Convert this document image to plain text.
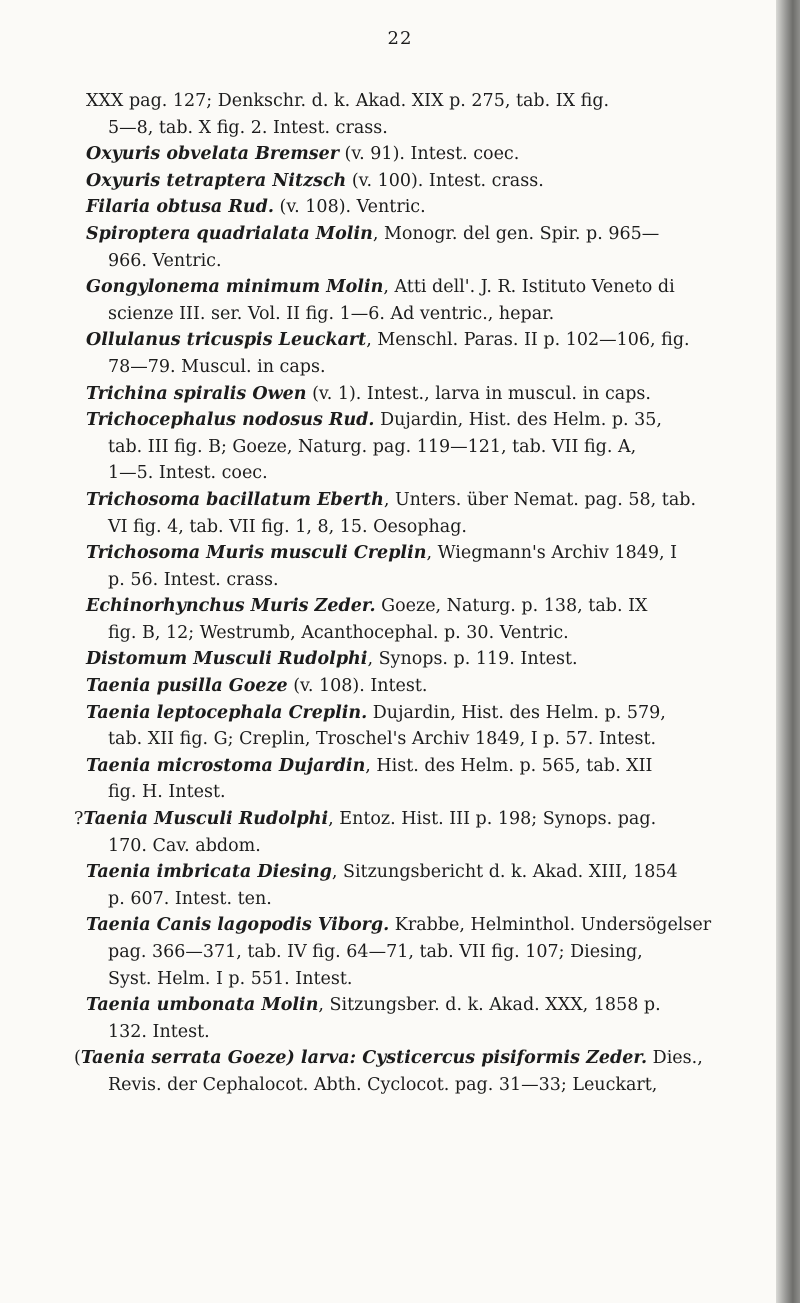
22
XXX pag. 127; Denkschr. d. k. Akad. XIX p. 275, tab. IX fig.
5—8, tab. X fig. 2. Intest. crass.
Oxyuris obvelata Bremser (v. 91). Intest. coec.
Oxyuris tetraptera Nitzsch (v. 100). Intest. crass.
Filaria obtusa Rud. (v. 108). Ventric.
Spiroptera quadrialata Molin, Monogr. del gen. Spir. p. 965—
966. Ventric.
Gongylonema minimum Molin, Atti dell'. J. R. Istituto Veneto di
scienze III. ser. Vol. II fig. 1—6. Ad ventric., hepar.
Ollulanus tricuspis Leuckart, Menschl. Paras. II p. 102—106, fig.
78—79. Muscul. in caps.
Trichina spiralis Owen (v. 1). Intest., larva in muscul. in caps.
Trichocephalus nodosus Rud. Dujardin, Hist. des Helm. p. 35,
tab. III fig. B; Goeze, Naturg. pag. 119—121, tab. VII fig. A,
1—5. Intest. coec.
Trichosoma bacillatum Eberth, Unters. über Nemat. pag. 58, tab.
VI fig. 4, tab. VII fig. 1, 8, 15. Oesophag.
Trichosoma Muris musculi Creplin, Wiegmann's Archiv 1849, I
p. 56. Intest. crass.
Echinorhynchus Muris Zeder. Goeze, Naturg. p. 138, tab. IX
fig. B, 12; Westrumb, Acanthocephal. p. 30. Ventric.
Distomum Musculi Rudolphi, Synops. p. 119. Intest.
Taenia pusilla Goeze (v. 108). Intest.
Taenia leptocephala Creplin. Dujardin, Hist. des Helm. p. 579,
tab. XII fig. G; Creplin, Troschel's Archiv 1849, I p. 57. Intest.
Taenia microstoma Dujardin, Hist. des Helm. p. 565, tab. XII
fig. H. Intest.
?Taenia Musculi Rudolphi, Entoz. Hist. III p. 198; Synops. pag.
170. Cav. abdom.
Taenia imbricata Diesing, Sitzungsbericht d. k. Akad. XIII, 1854
p. 607. Intest. ten.
Taenia Canis lagopodis Viborg. Krabbe, Helminthol. Undersögelser
pag. 366—371, tab. IV fig. 64—71, tab. VII fig. 107; Diesing,
Syst. Helm. I p. 551. Intest.
Taenia umbonata Molin, Sitzungsber. d. k. Akad. XXX, 1858 p.
132. Intest.
(Taenia serrata Goeze) larva: Cysticercus pisiformis Zeder. Dies.,
Revis. der Cephalocot. Abth. Cyclocot. pag. 31—33; Leuckart,
